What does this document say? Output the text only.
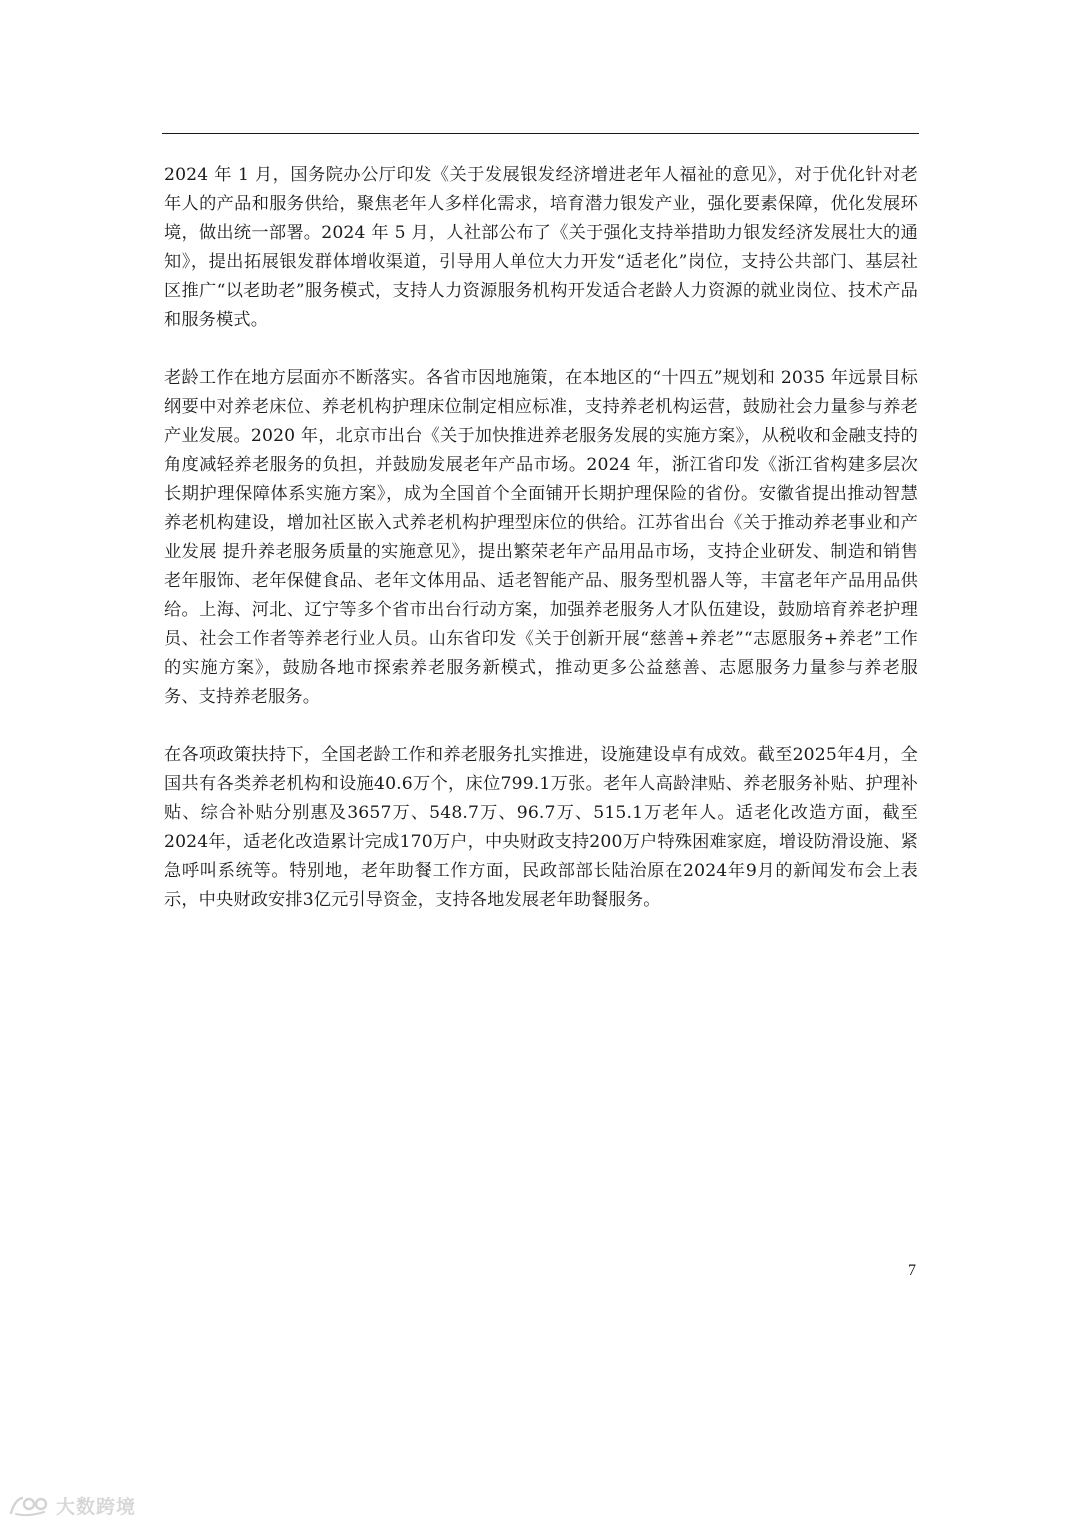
2024 年 1 月，国务院办公厅印发《关于发展银发经济增进老年人福祉的意见》，对于优化针对老年人的产品和服务供给，聚焦老年人多样化需求，培育潜力银发产业，强化要素保障，优化发展环境，做出统一部署。2024 年 5 月，人社部公布了《关于强化支持举措助力银发经济发展壮大的通知》，提出拓展银发群体增收渠道，引导用人单位大力开发“适老化”岗位，支持公共部门、基层社区推广“以老助老”服务模式，支持人力资源服务机构开发适合老龄人力资源的就业岗位、技术产品和服务模式。

老龄工作在地方层面亦不断落实。各省市因地施策，在本地区的“十四五”规划和 2035 年远景目标纲要中对养老床位、养老机构护理床位制定相应标准，支持养老机构运营，鼓励社会力量参与养老产业发展。2020 年，北京市出台《关于加快推进养老服务发展的实施方案》，从税收和金融支持的角度减轻养老服务的负担，并鼓励发展老年产品市场。2024 年，浙江省印发《浙江省构建多层次长期护理保障体系实施方案》，成为全国首个全面铺开长期护理保险的省份。安徽省提出推动智慧养老机构建设，增加社区嵌入式养老机构护理型床位的供给。江苏省出台《关于推动养老事业和产业发展 提升养老服务质量的实施意见》，提出繁荣老年产品用品市场，支持企业研发、制造和销售老年服饰、老年保健食品、老年文体用品、适老智能产品、服务型机器人等，丰富老年产品用品供给。上海、河北、辽宁等多个省市出台行动方案，加强养老服务人才队伍建设，鼓励培育养老护理员、社会工作者等养老行业人员。山东省印发《关于创新开展“慈善+养老”“志愿服务+养老”工作的实施方案》，鼓励各地市探索养老服务新模式，推动更多公益慈善、志愿服务力量参与养老服务、支持养老服务。

在各项政策扶持下，全国老龄工作和养老服务扎实推进，设施建设卓有成效。截至2025年4月，全国共有各类养老机构和设施40.6万个，床位799.1万张。老年人高龄津贴、养老服务补贴、护理补贴、综合补贴分别惠及3657万、548.7万、96.7万、515.1万老年人。适老化改造方面，截至2024年，适老化改造累计完成170万户，中央财政支持200万户特殊困难家庭，增设防滑设施、紧急呼叫系统等。特别地，老年助餐工作方面，民政部部长陆治原在2024年9月的新闻发布会上表示，中央财政安排3亿元引导资金，支持各地发展老年助餐服务。

7
大数跨境
